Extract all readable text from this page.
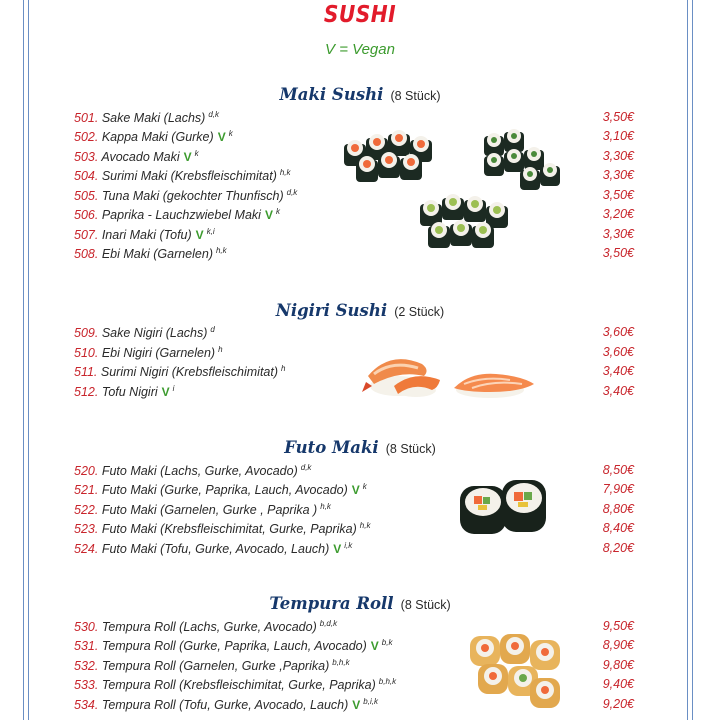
SUSHI
V = Vegan
Maki Sushi (8 Stück)
501. Sake Maki (Lachs) $^{d,k}$	3,50€
502. Kappa Maki (Gurke) V $^k$	3,10€
503. Avocado Maki V $^k$	3,30€
504. Surimi Maki (Krebsfleischimitat) $^{h,k}$	3,30€
505. Tuna Maki (gekochter Thunfisch) $^{d,k}$	3,50€
506. Paprika - Lauchzwiebel Maki V $^k$	3,20€
507. Inari Maki (Tofu) V $^{k,i}$	3,30€
508. Ebi Maki (Garnelen) $^{h,k}$	3,50€
Nigiri Sushi (2 Stück)
509. Sake Nigiri (Lachs) $^d$	3,60€
510. Ebi Nigiri (Garnelen) $^h$	3,60€
511. Surimi Nigiri (Krebsfleischimitat) $^h$	3,40€
512. Tofu Nigiri V $^i$	3,40€
Futo Maki (8 Stück)
520. Futo Maki (Lachs, Gurke, Avocado) $^{d,k}$	8,50€
521. Futo Maki (Gurke, Paprika, Lauch, Avocado) V $^k$	7,90€
522. Futo Maki (Garnelen, Gurke , Paprika ) $^{h,k}$	8,80€
523. Futo Maki (Krebsfleischimitat, Gurke, Paprika) $^{h,k}$	8,40€
524. Futo Maki (Tofu, Gurke, Avocado, Lauch) V $^{i,k}$	8,20€
Tempura Roll (8 Stück)
530. Tempura Roll (Lachs, Gurke, Avocado) $^{b,d,k}$	9,50€
531. Tempura Roll (Gurke, Paprika, Lauch, Avocado) V $^{b,k}$	8,90€
532. Tempura Roll (Garnelen, Gurke ,Paprika) $^{b,h,k}$	9,80€
533. Tempura Roll (Krebsfleischimitat, Gurke, Paprika) $^{b,h,k}$	9,40€
534. Tempura Roll (Tofu, Gurke, Avocado, Lauch) V $^{b,i,k}$	9,20€
